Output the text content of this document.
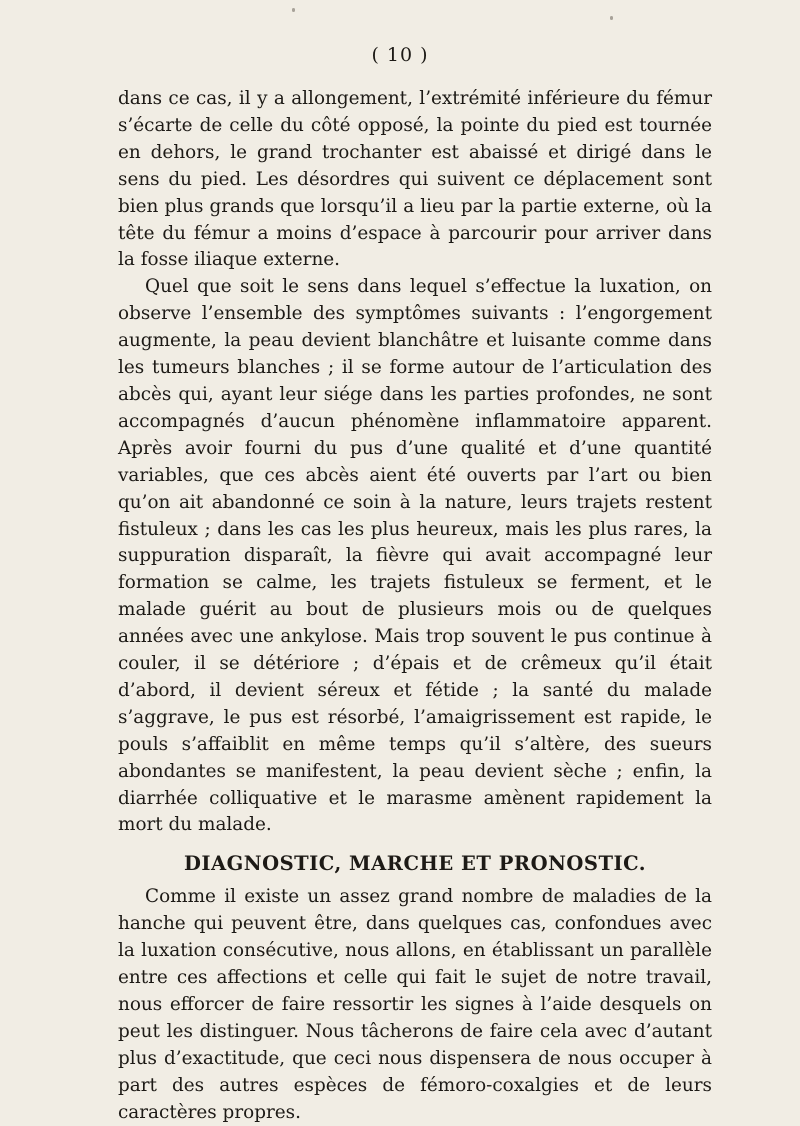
( 10 )

dans ce cas, il y a allongement, l’extrémité inférieure du fémur s’écarte de celle du côté opposé, la pointe du pied est tournée en dehors, le grand trochanter est abaissé et dirigé dans le sens du pied. Les désordres qui suivent ce déplacement sont bien plus grands que lorsqu’il a lieu par la partie externe, où la tête du fémur a moins d’espace à parcourir pour arriver dans la fosse iliaque externe.

Quel que soit le sens dans lequel s’effectue la luxation, on observe l’ensemble des symptômes suivants : l’engorgement augmente, la peau devient blanchâtre et luisante comme dans les tumeurs blanches ; il se forme autour de l’articulation des abcès qui, ayant leur siége dans les parties profondes, ne sont accompagnés d’aucun phénomène inflammatoire apparent. Après avoir fourni du pus d’une qualité et d’une quantité variables, que ces abcès aient été ouverts par l’art ou bien qu’on ait abandonné ce soin à la nature, leurs trajets restent fistuleux ; dans les cas les plus heureux, mais les plus rares, la suppuration disparaît, la fièvre qui avait accompagné leur formation se calme, les trajets fistuleux se ferment, et le malade guérit au bout de plusieurs mois ou de quelques années avec une ankylose. Mais trop souvent le pus continue à couler, il se détériore ; d’épais et de crêmeux qu’il était d’abord, il devient séreux et fétide ; la santé du malade s’aggrave, le pus est résorbé, l’amaigrissement est rapide, le pouls s’affaiblit en même temps qu’il s’altère, des sueurs abondantes se manifestent, la peau devient sèche ; enfin, la diarrhée colliquative et le marasme amènent rapidement la mort du malade.

DIAGNOSTIC, MARCHE ET PRONOSTIC.

Comme il existe un assez grand nombre de maladies de la hanche qui peuvent être, dans quelques cas, confondues avec la luxation consécutive, nous allons, en établissant un parallèle entre ces affections et celle qui fait le sujet de notre travail, nous efforcer de faire ressortir les signes à l’aide desquels on peut les distinguer. Nous tâcherons de faire cela avec d’autant plus d’exactitude, que ceci nous dispensera de nous occuper à part des autres espèces de fémoro-coxalgies et de leurs caractères propres.
